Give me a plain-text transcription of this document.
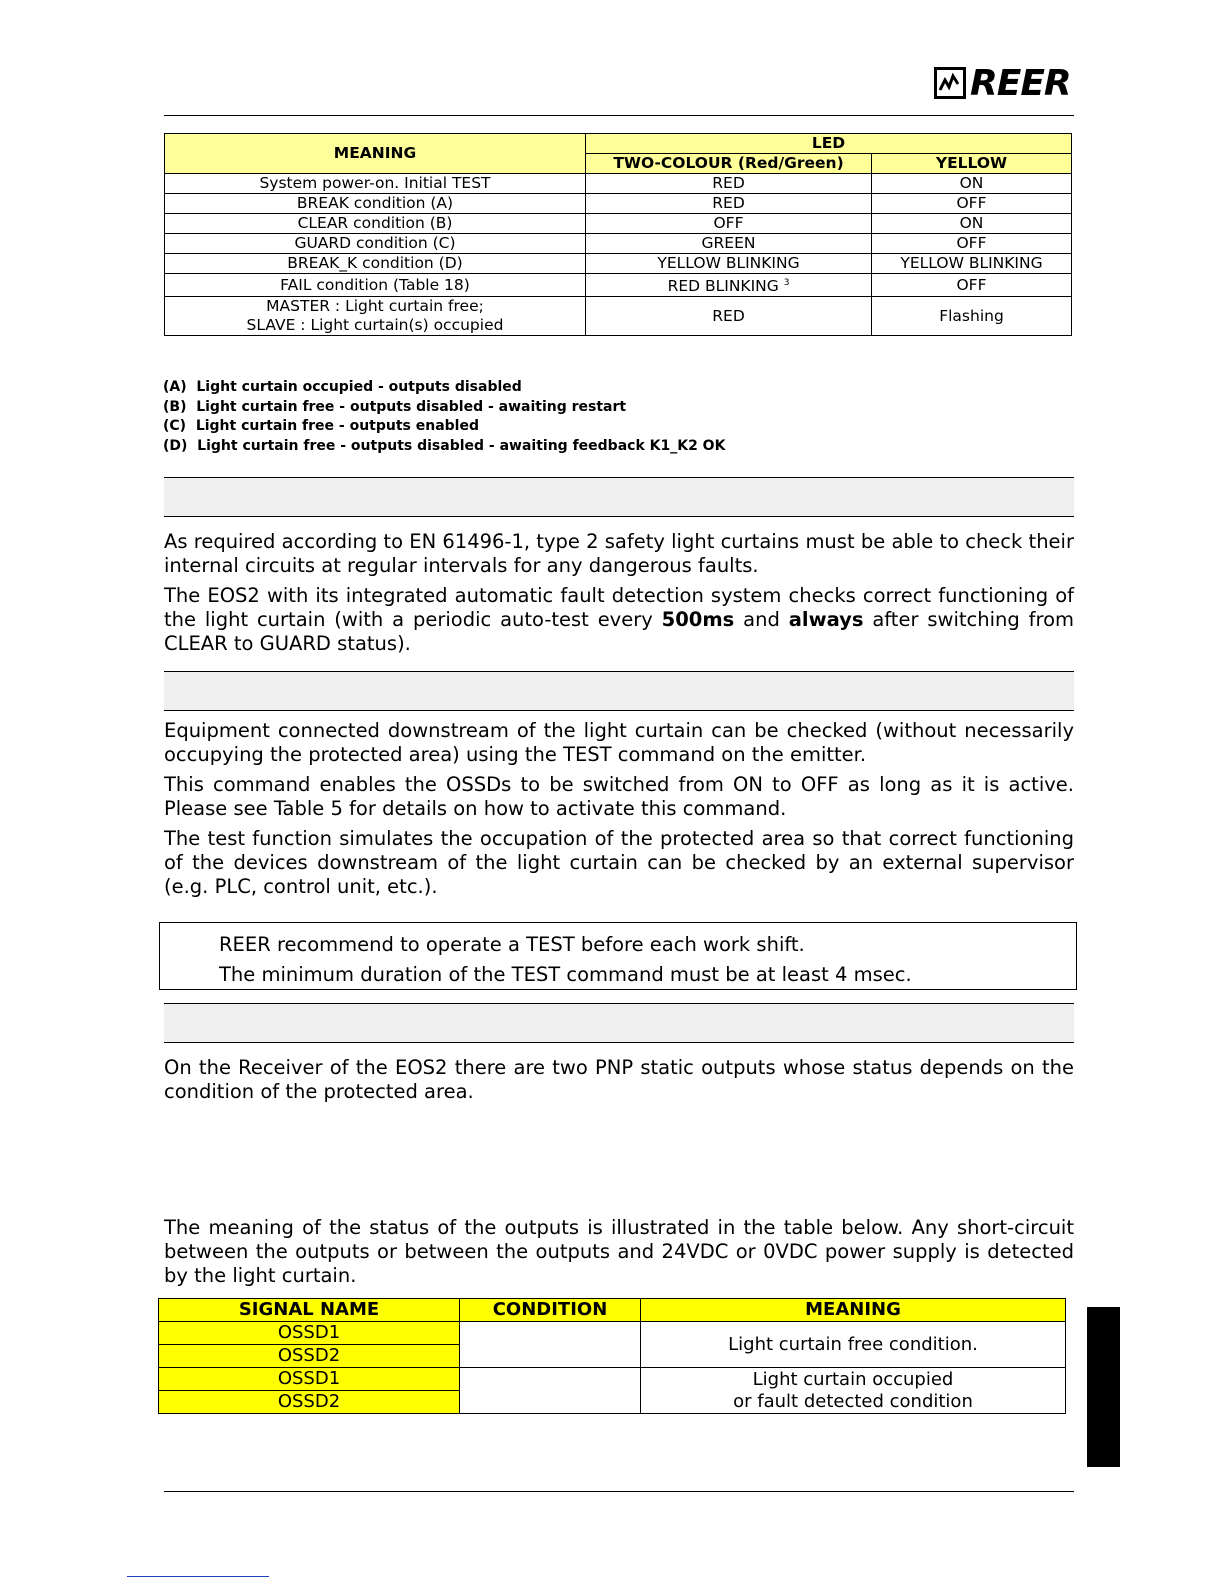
REER
MEANING	LED	
	TWO-COLOUR (Red/Green)	YELLOW
System power-on. Initial TEST	RED	ON
BREAK condition (A)	RED	OFF
CLEAR condition (B)	OFF	ON
GUARD condition (C)	GREEN	OFF
BREAK_K condition (D)	YELLOW BLINKING	YELLOW BLINKING
FAIL condition (Table 18)	RED BLINKING $^3$	OFF

MASTER : Light curtain free;
SLAVE : Light curtain(s) occupied	RED	Flashing
(A)  Light curtain occupied - outputs disabled
(B)  Light curtain free - outputs disabled - awaiting restart
(C)  Light curtain free - outputs enabled
(D)  Light curtain free - outputs disabled - awaiting feedback K1_K2 OK
As required according to EN 61496-1, type 2 safety light curtains must be able to check their internal circuits at regular intervals for any dangerous faults.
The EOS2 with its integrated automatic fault detection system checks correct functioning of the light curtain (with a periodic auto-test every 500ms and always after switching from CLEAR to GUARD status).
Equipment connected downstream of the light curtain can be checked (without necessarily occupying the protected area) using the TEST command on the emitter.
This command enables the OSSDs to be switched from ON to OFF as long as it is active. Please see Table 5 for details on how to activate this command.
The test function simulates the occupation of the protected area so that correct functioning of the devices downstream of the light curtain can be checked by an external supervisor (e.g. PLC, control unit, etc.).
REER recommend to operate a TEST before each work shift.
The minimum duration of the TEST command must be at least 4 msec.
On the Receiver of the EOS2 there are two PNP static outputs whose status depends on the condition of the protected area.
The meaning of the status of the outputs is illustrated in the table below. Any short-circuit between the outputs or between the outputs and 24VDC or 0VDC power supply is detected by the light curtain.
SIGNAL NAME	CONDITION	MEANING
OSSD1		Light curtain free condition.
OSSD2		
OSSD1		Light curtain occupied
or fault detected condition

OSSD2		
